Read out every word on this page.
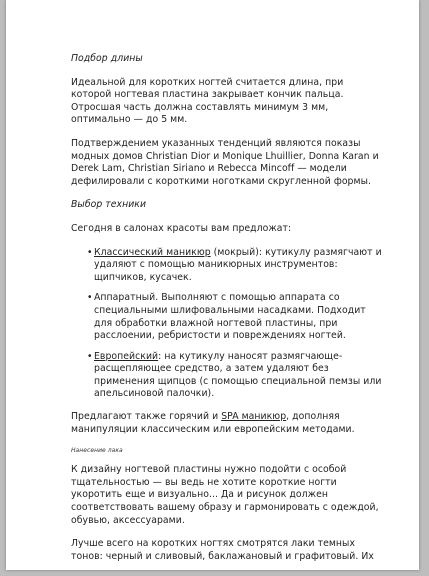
Подбор длины

Идеальной для коротких ногтей считается длина, при которой ногтевая пластина закрывает кончик пальца. Отросшая часть должна составлять минимум 3 мм, оптимально — до 5 мм.

Подтверждением указанных тенденций являются показы модных домов Christian Dior и Monique Lhuillier, Donna Karan и Derek Lam, Christian Siriano и Rebecca Mincoff — модели дефилировали с короткими ноготками скругленной формы.

Выбор техники

Сегодня в салонах красоты вам предложат:

• Классический маникюр (мокрый): кутикулу размягчают и удаляют с помощью маникюрных инструментов: щипчиков, кусачек.
• Аппаратный. Выполняют с помощью аппарата со специальными шлифовальными насадками. Подходит для обработки влажной ногтевой пластины, при расслоении, ребристости и повреждениях ногтей.
• Европейский: на кутикулу наносят размягчающе-расщепляющее средство, а затем удаляют без применения щипцов (с помощью специальной пемзы или апельсиновой палочки).

Предлагают также горячий и SPA маникюр, дополняя манипуляции классическим или европейским методами.

Нанесение лака

К дизайну ногтевой пластины нужно подойти с особой тщательностью — вы ведь не хотите короткие ногти укоротить еще и визуально... Да и рисунок должен соответствовать вашему образу и гармонировать с одеждой, обувью, аксессуарами.

Лучше всего на коротких ногтях смотрятся лаки темных тонов: черный и сливовый, баклажановый и графитовый. Их
